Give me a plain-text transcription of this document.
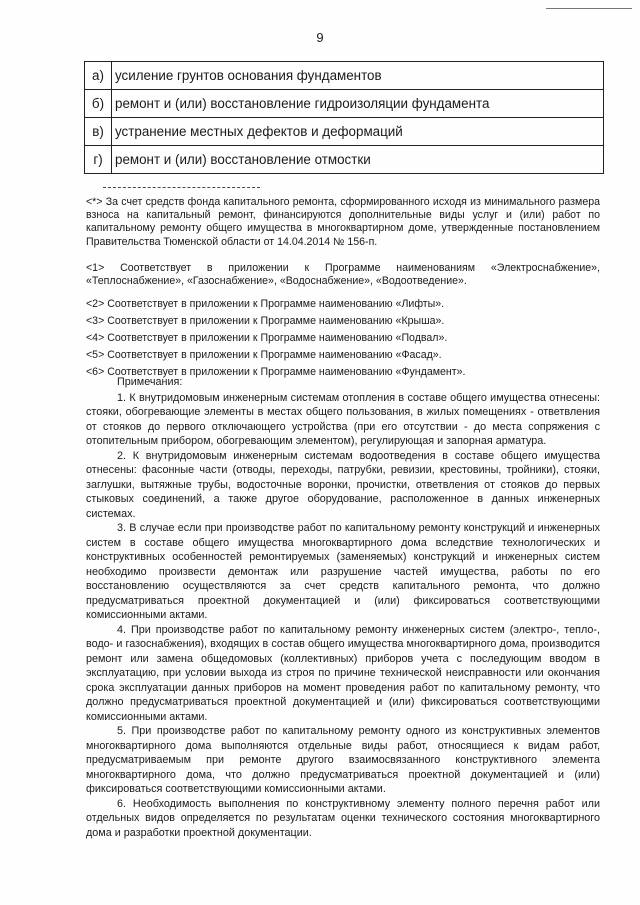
9
а)	усиление грунтов основания фундаментов
б)	ремонт и (или) восстановление гидроизоляции фундамента
в)	устранение местных дефектов и деформаций
г)	ремонт и (или) восстановление отмостки
<*> За счет средств фонда капитального ремонта, сформированного исходя из минимального размера взноса на капитальный ремонт, финансируются дополнительные виды услуг и (или) работ по капитальному ремонту общего имущества в многоквартирном доме, утвержденные постановлением Правительства Тюменской области от 14.04.2014 № 156-п.
<1> Соответствует в приложении к Программе наименованиям «Электроснабжение», «Теплоснабжение», «Газоснабжение», «Водоснабжение», «Водоотведение».
<2> Соответствует в приложении к Программе наименованию «Лифты».
<3> Соответствует в приложении к Программе наименованию «Крыша».
<4> Соответствует в приложении к Программе наименованию «Подвал».
<5> Соответствует в приложении к Программе наименованию «Фасад».
<6> Соответствует в приложении к Программе наименованию «Фундамент».

Примечания:

1. К внутридомовым инженерным системам отопления в составе общего имущества отнесены: стояки, обогревающие элементы в местах общего пользования, в жилых помещениях - ответвления от стояков до первого отключающего устройства (при его отсутствии - до места сопряжения с отопительным прибором, обогревающим элементом), регулирующая и запорная арматура.

2. К внутридомовым инженерным системам водоотведения в составе общего имущества отнесены: фасонные части (отводы, переходы, патрубки, ревизии, крестовины, тройники), стояки, заглушки, вытяжные трубы, водосточные воронки, прочистки, ответвления от стояков до первых стыковых соединений, а также другое оборудование, расположенное в данных инженерных системах.

3. В случае если при производстве работ по капитальному ремонту конструкций и инженерных систем в составе общего имущества многоквартирного дома вследствие технологических и конструктивных особенностей ремонтируемых (заменяемых) конструкций и инженерных систем необходимо произвести демонтаж или разрушение частей имущества, работы по его восстановлению осуществляются за счет средств капитального ремонта, что должно предусматриваться проектной документацией и (или) фиксироваться соответствующими комиссионными актами.

4. При производстве работ по капитальному ремонту инженерных систем (электро-, тепло-, водо- и газоснабжения), входящих в состав общего имущества многоквартирного дома, производится ремонт или замена общедомовых (коллективных) приборов учета с последующим вводом в эксплуатацию, при условии выхода из строя по причине технической неисправности или окончания срока эксплуатации данных приборов на момент проведения работ по капитальному ремонту, что должно предусматриваться проектной документацией и (или) фиксироваться соответствующими комиссионными актами.

5. При производстве работ по капитальному ремонту одного из конструктивных элементов многоквартирного дома выполняются отдельные виды работ, относящиеся к видам работ, предусматриваемым при ремонте другого взаимосвязанного конструктивного элемента многоквартирного дома, что должно предусматриваться проектной документацией и (или) фиксироваться соответствующими комиссионными актами.

6. Необходимость выполнения по конструктивному элементу полного перечня работ или отдельных видов определяется по результатам оценки технического состояния многоквартирного дома и разработки проектной документации.
